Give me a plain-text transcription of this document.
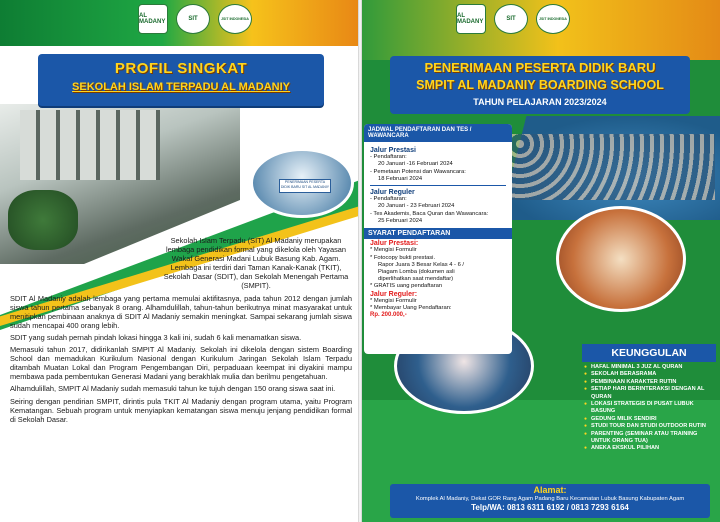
AL MADANY	SIT	JSIT INDONESIA
PROFIL SINGKAT
SEKOLAH ISLAM TERPADU AL MADANIY
PENERIMAAN PESERTA DIDIK BARU SIT AL MADANIY

Sekolah Islam Terpadu (SIT) Al Madaniy merupakan lembaga pendidikan formal yang dikelola oleh Yayasan Wakaf Generasi Madani Lubuk Basung Kab. Agam. Lembaga ini terdiri dari Taman Kanak-Kanak (TKIT), Sekolah Dasar (SDIT), dan Sekolah Menengah Pertama (SMPIT).

SDIT Al Madaniy adalah lembaga yang pertama memulai aktifitasnya, pada tahun 2012 dengan jumlah siswa tahun pertama sebanyak 8 orang. Alhamdulillah, tahun-tahun berikutnya minat masyarakat untuk menitipkan pembinaan anaknya di SDIT Al Madaniy semakin meningkat. Sampai sekarang jumlah siswa sudah mencapai 400 orang lebih.

SDIT yang sudah pernah pindah lokasi hingga 3 kali ini, sudah 6 kali menamatkan siswa.

Memasuki tahun 2017, didirikanlah SMPIT Al Madaniy. Sekolah ini dikelola dengan sistem Boarding School dan memadukan Kurikulum Nasional dengan Kurikulum Jaringan Sekolah Islam Terpadu ditambah Muatan Lokal dan Program Pengembangan Diri, perpaduaan keempat ini diyakini mampu membawa pada pembentukan Generasi Madani yang berakhlak mulia dan berilmu pengetahuan.

Alhamdulillah, SMPIT Al Madaniy sudah memasuki tahun ke tujuh dengan 150 orang siswa saat ini.

Seiring dengan pendirian SMPIT, dirintis pula TKIT Al Madaniy dengan program utama, yaitu Program Kematangan. Sebuah program untuk menyiapkan kematangan siswa menuju jenjang pendidikan formal di Sekolah Dasar.

AL MADANY	SIT	JSIT INDONESIA
PENERIMAAN PESERTA DIDIK BARU
SMPIT AL MADANIY BOARDING SCHOOL
TAHUN PELAJARAN 2023/2024
JADWAL PENDAFTARAN DAN TES / WAWANCARA
Jalur Prestasi
- Pendaftaran:
20 Januari -16 Februari 2024
- Pemetaan Potensi dan Wawancara:
18 Februari 2024
Jalur Reguler
- Pendaftaran:
20 Januari - 23 Februari 2024
- Tes Akademis, Baca Quran dan Wawancara:
25 Februari 2024
SYARAT PENDAFTARAN
Jalur Prestasi:
* Mengisi Formulir
* Fotocopy bukti prestasi.
Rapor Juara 3 Besar Kelas 4 - 6 /
Piagam Lomba (dokumen asli
diperlihatkan saat mendaftar)
* GRATIS uang pendaftaran
Jalur Reguler:
* Mengisi Formulir
* Membayar Uang Pendaftaran:
Rp. 200.000,-
KEUNGGULAN
● HAFAL MINIMAL 3 JUZ AL QURAN
● SEKOLAH BERASRAMA
● PEMBINAAN KARAKTER RUTIN
● SETIAP HARI BERINTERAKSI DENGAN AL QURAN
● LOKASI STRATEGIS DI PUSAT LUBUK BASUNG
● GEDUNG MILIK SENDIRI
● STUDI TOUR DAN STUDI OUTDOOR RUTIN
● PARENTING (SEMINAR ATAU TRAINING UNTUK ORANG TUA)
● ANEKA EKSKUL PILIHAN
Alamat:
Komplek Al Madaniy, Dekat GOR Rang Agam Padang Baru Kecamatan Lubuk Basung Kabupaten Agam
Telp/WA: 0813 6311 6192 / 0813 7293 6164
